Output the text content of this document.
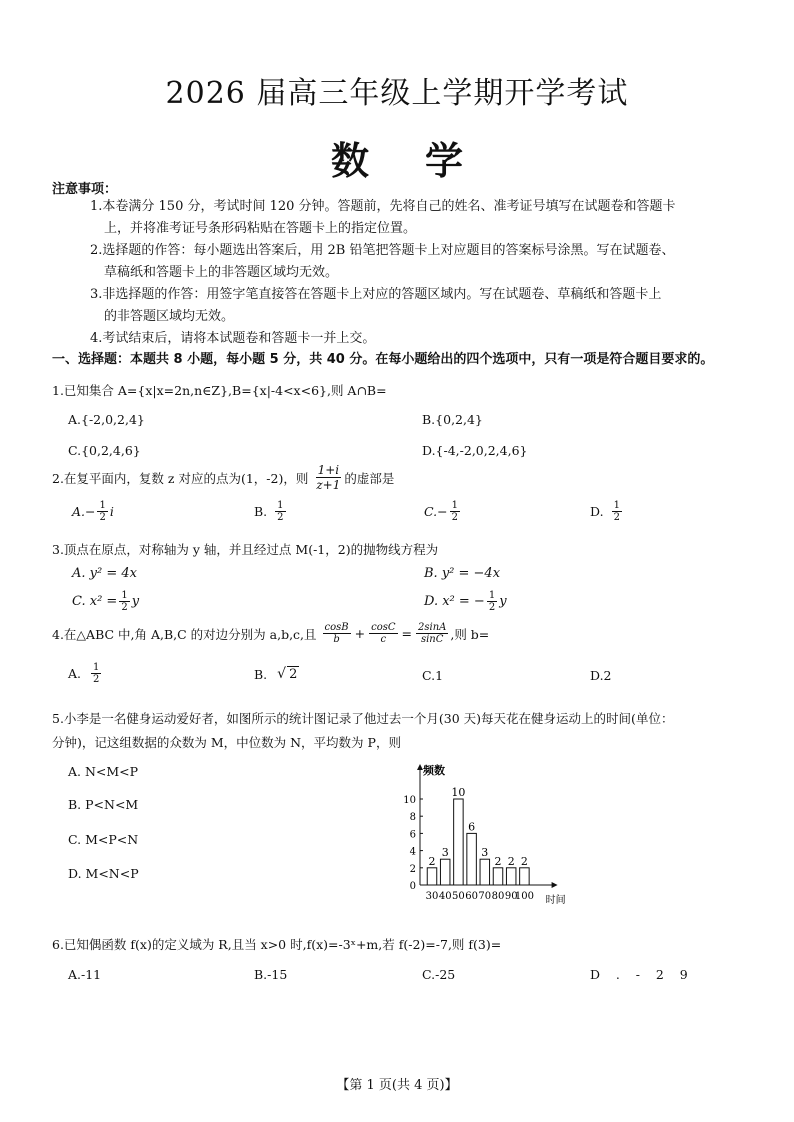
2026 届高三年级上学期开学考试
数 学
注意事项：
1.本卷满分 150 分，考试时间 120 分钟。答题前，先将自己的姓名、准考证号填写在试题卷和答题卡
上，并将准考证号条形码粘贴在答题卡上的指定位置。
2.选择题的作答：每小题选出答案后，用 2B 铅笔把答题卡上对应题目的答案标号涂黑。写在试题卷、
草稿纸和答题卡上的非答题区域均无效。
3.非选择题的作答：用签字笔直接答在答题卡上对应的答题区域内。写在试题卷、草稿纸和答题卡上
的非答题区域均无效。
4.考试结束后，请将本试题卷和答题卡一并上交。
一、选择题：本题共 8 小题，每小题 5 分，共 40 分。在每小题给出的四个选项中，只有一项是符合题目要求的。
1.已知集合 A={x|x=2n,n∈Z},B={x|-4<x<6},则 A∩B=
A.{-2,0,2,4}	B.{0,2,4}
C.{0,2,4,6}	D.{-4,-2,0,2,4,6}
2.在复平面内，复数 z 对应的点为(1，-2)，则 $\frac{1+i}{z+1}$ 的虚部是
$A.- \frac{1}{2}$ i	B. $\frac{1}{2}$	$C.- \frac{1}{2}$	D. $\frac{1}{2}$
3.顶点在原点，对称轴为 y 轴，并且经过点 M(-1，2)的抛物线方程为
A. y² = 4x	B. y² = −4x
C. $x^2 = \frac{1}{2}$ y	D. x² = − $\frac{1}{2}$ y
4.在△ABC 中,角 A,B,C 的对边分别为 a,b,c,且 $\frac{\cos B}{b} + \frac{\cos C}{c} = \frac{2\sin A}{\sin C}$ ,则 b=
A. $\frac{1}{2}$	B. √ 2	C.1	D.2
5.小李是一名健身运动爱好者，如图所示的统计图记录了他过去一个月(30 天)每天花在健身运动上的时间(单位：
分钟)，记这组数据的众数为 M，中位数为 N，平均数为 P，则
A. N<M<P
B. P<N<M
C. M<P<N
D. M<N<P
频数
时间
0
2
4
6
8
10
2
30
3
40
10
50
6
60
3
70
2
80
2
90
2
100
6.已知偶函数 f(x)的定义域为 R,且当 x>0 时,f(x)=-3ˣ+m,若 f(-2)=-7,则 f(3)=
A.-11	B.-15	C.-25	D    .    -    2    9
【第 1 页(共 4 页)】
